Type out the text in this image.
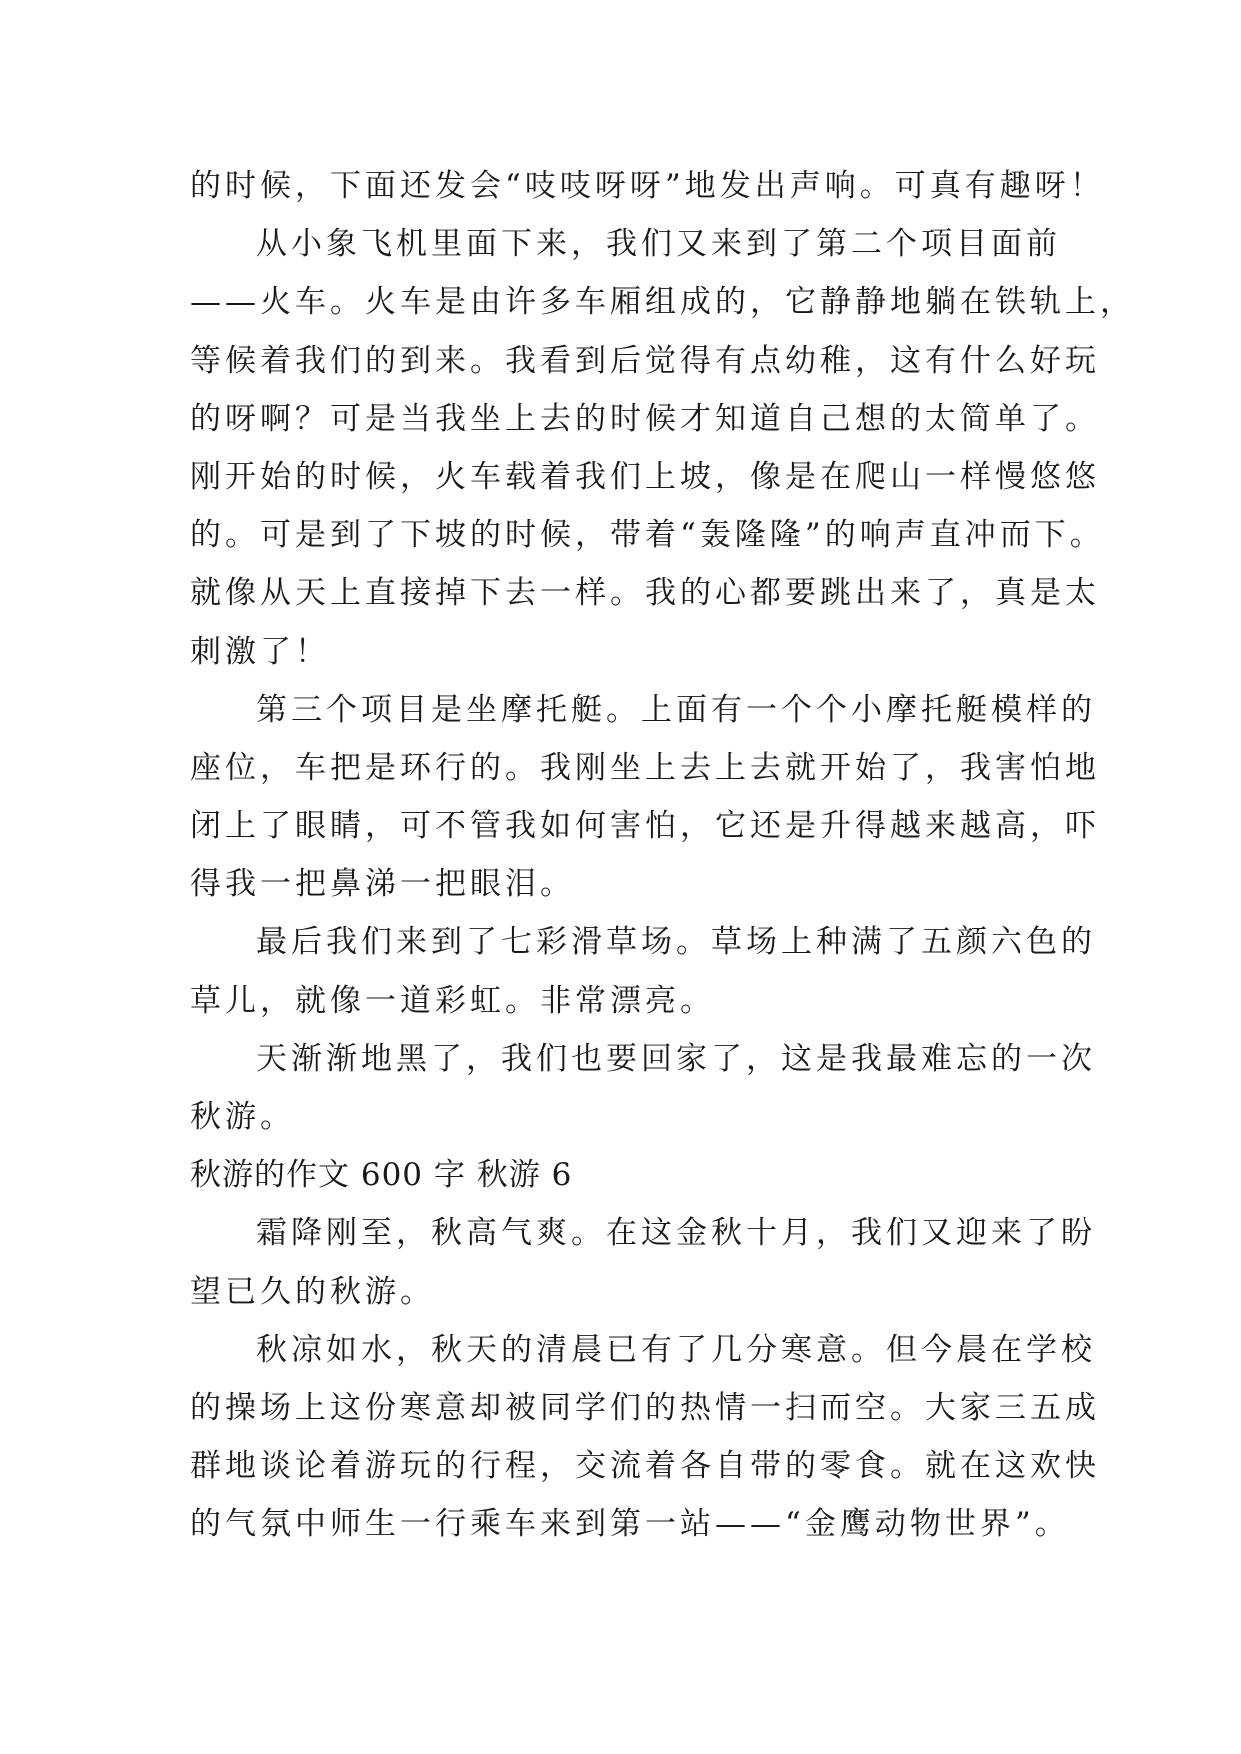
的时候，下面还发会“吱吱呀呀”地发出声响。可真有趣呀！
从小象飞机里面下来，我们又来到了第二个项目面前
——火车。火车是由许多车厢组成的，它静静地躺在铁轨上，
等候着我们的到来。我看到后觉得有点幼稚，这有什么好玩
的呀啊？可是当我坐上去的时候才知道自己想的太简单了。
刚开始的时候，火车载着我们上坡，像是在爬山一样慢悠悠
的。可是到了下坡的时候，带着“轰隆隆”的响声直冲而下。
就像从天上直接掉下去一样。我的心都要跳出来了，真是太
刺激了！
第三个项目是坐摩托艇。上面有一个个小摩托艇模样的
座位，车把是环行的。我刚坐上去上去就开始了，我害怕地
闭上了眼睛，可不管我如何害怕，它还是升得越来越高，吓
得我一把鼻涕一把眼泪。
最后我们来到了七彩滑草场。草场上种满了五颜六色的
草儿，就像一道彩虹。非常漂亮。
天渐渐地黑了，我们也要回家了，这是我最难忘的一次
秋游。
秋游的作文 600 字 秋游 6
霜降刚至，秋高气爽。在这金秋十月，我们又迎来了盼
望已久的秋游。
秋凉如水，秋天的清晨已有了几分寒意。但今晨在学校
的操场上这份寒意却被同学们的热情一扫而空。大家三五成
群地谈论着游玩的行程，交流着各自带的零食。就在这欢快
的气氛中师生一行乘车来到第一站——“金鹰动物世界”。
